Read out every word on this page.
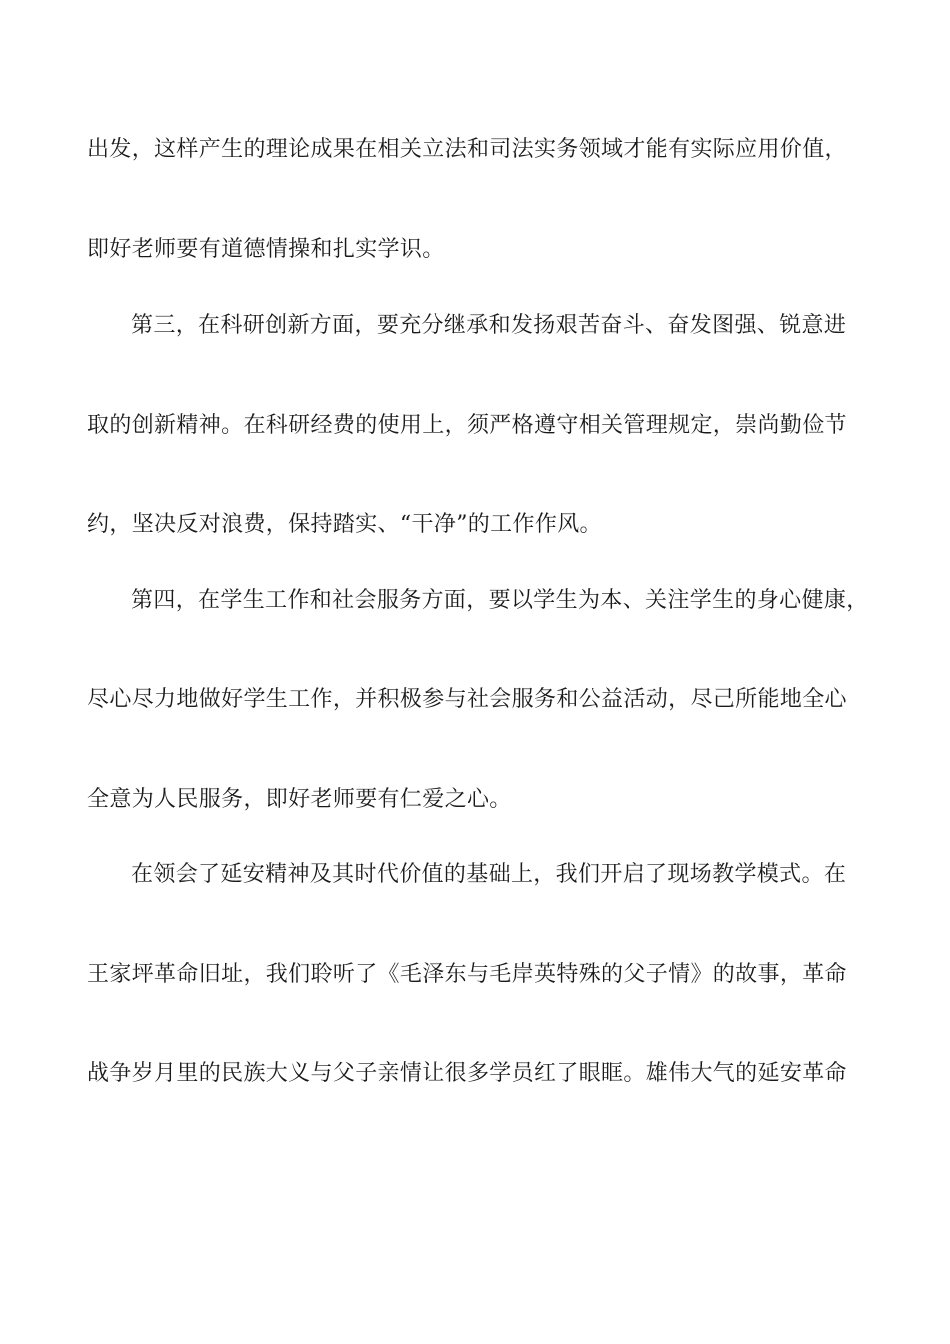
出发，这样产生的理论成果在相关立法和司法实务领域才能有实际应用价值，
即好老师要有道德情操和扎实学识。
第三，在科研创新方面，要充分继承和发扬艰苦奋斗、奋发图强、锐意进
取的创新精神。在科研经费的使用上，须严格遵守相关管理规定，崇尚勤俭节
约，坚决反对浪费，保持踏实、“干净”的工作作风。
第四，在学生工作和社会服务方面，要以学生为本、关注学生的身心健康，
尽心尽力地做好学生工作，并积极参与社会服务和公益活动，尽己所能地全心
全意为人民服务，即好老师要有仁爱之心。
在领会了延安精神及其时代价值的基础上，我们开启了现场教学模式。在
王家坪革命旧址，我们聆听了《毛泽东与毛岸英特殊的父子情》的故事，革命
战争岁月里的民族大义与父子亲情让很多学员红了眼眶。雄伟大气的延安革命
